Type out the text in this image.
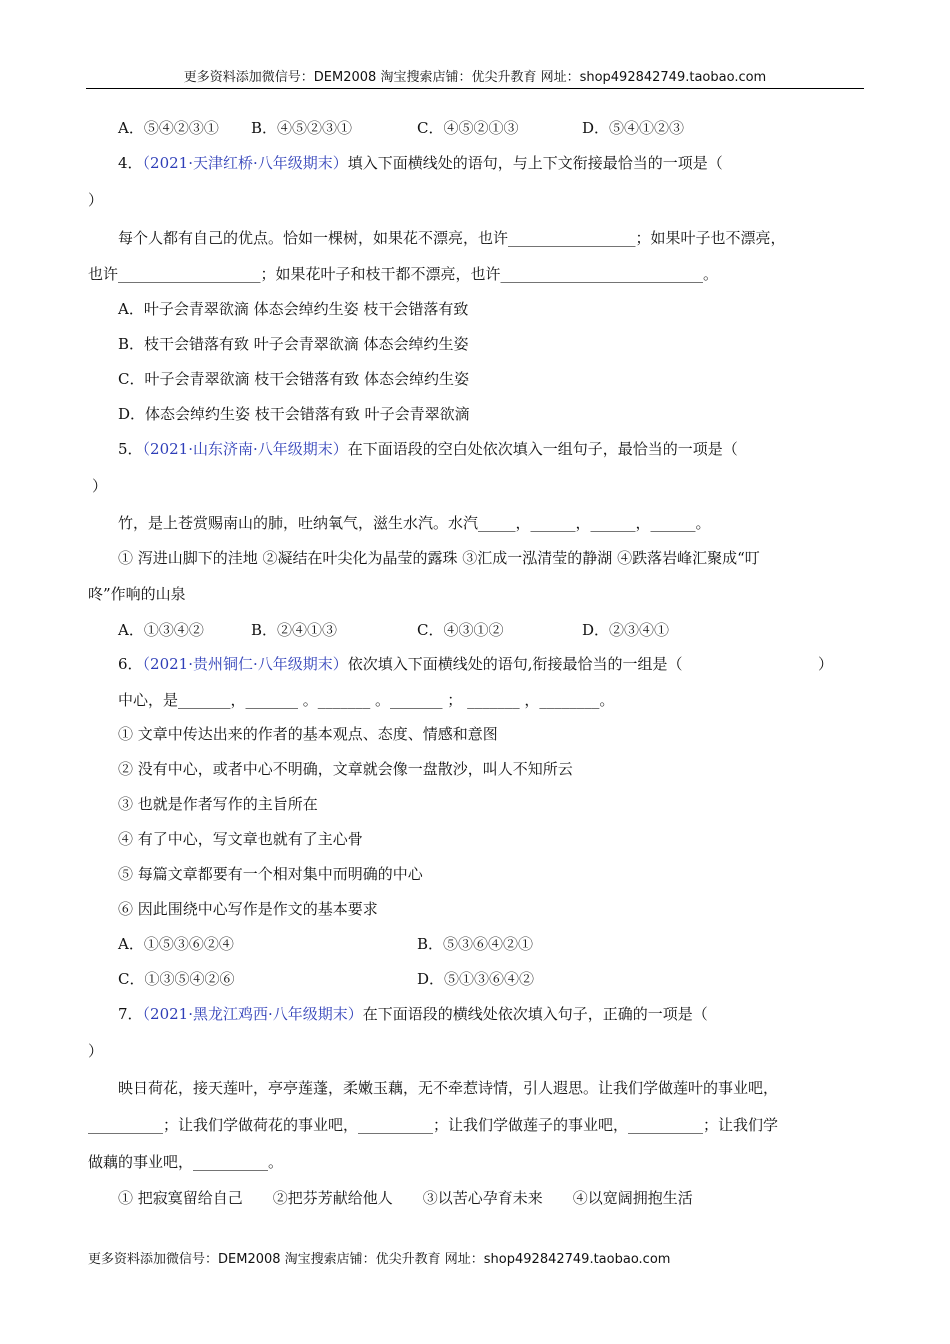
更多资料添加微信号：DEM2008 淘宝搜索店铺：优尖升教育 网址：shop492842749.taobao.com
A．⑤④②③① B．④⑤②③①	C．④⑤②①③	D．⑤④①②③
4．（2021·天津红桥·八年级期末）填入下面横线处的语句，与上下文衔接最恰当的一项是（
）
每个人都有自己的优点。恰如一棵树，如果花不漂亮，也许_________________；如果叶子也不漂亮，
也许___________________；如果花叶子和枝干都不漂亮，也许___________________________。
A．叶子会青翠欲滴 体态会绰约生姿 枝干会错落有致
B．枝干会错落有致 叶子会青翠欲滴 体态会绰约生姿
C．叶子会青翠欲滴 枝干会错落有致 体态会绰约生姿
D．体态会绰约生姿 枝干会错落有致 叶子会青翠欲滴
5．（2021·山东济南·八年级期末）在下面语段的空白处依次填入一组句子，最恰当的一项是（
）
竹，是上苍赏赐南山的肺，吐纳氧气，滋生水汽。水汽_____，______，______，______。
① 泻进山脚下的洼地 ②凝结在叶尖化为晶莹的露珠 ③汇成一泓清莹的静湖 ④跌落岩峰汇聚成“叮
咚”作响的山泉
A．①③④②	B．②④①③	C．④③①②	D．②③④①
6．（2021·贵州铜仁·八年级期末）依次填入下面横线处的语句,衔接最恰当的一组是（	）
中心，是_______，_______ 。_______ 。_______ ； _______ ，________。
① 文章中传达出来的作者的基本观点、态度、情感和意图
② 没有中心，或者中心不明确，文章就会像一盘散沙，叫人不知所云
③ 也就是作者写作的主旨所在
④ 有了中心，写文章也就有了主心骨
⑤ 每篇文章都要有一个相对集中而明确的中心
⑥ 因此围绕中心写作是作文的基本要求
A．①⑤③⑥②④	B．⑤③⑥④②①
C．①③⑤④②⑥	D．⑤①③⑥④②
7．（2021·黑龙江鸡西·八年级期末）在下面语段的横线处依次填入句子，正确的一项是（
）
映日荷花，接天莲叶，亭亭莲蓬，柔嫩玉藕，无不牵惹诗情，引人遐思。让我们学做莲叶的事业吧，
__________；让我们学做荷花的事业吧，__________；让我们学做莲子的事业吧，__________；让我们学
做藕的事业吧，__________。
① 把寂寞留给自己　　②把芬芳献给他人　　③以苦心孕育未来　　④以宽阔拥抱生活
更多资料添加微信号：DEM2008 淘宝搜索店铺：优尖升教育 网址：shop492842749.taobao.com
